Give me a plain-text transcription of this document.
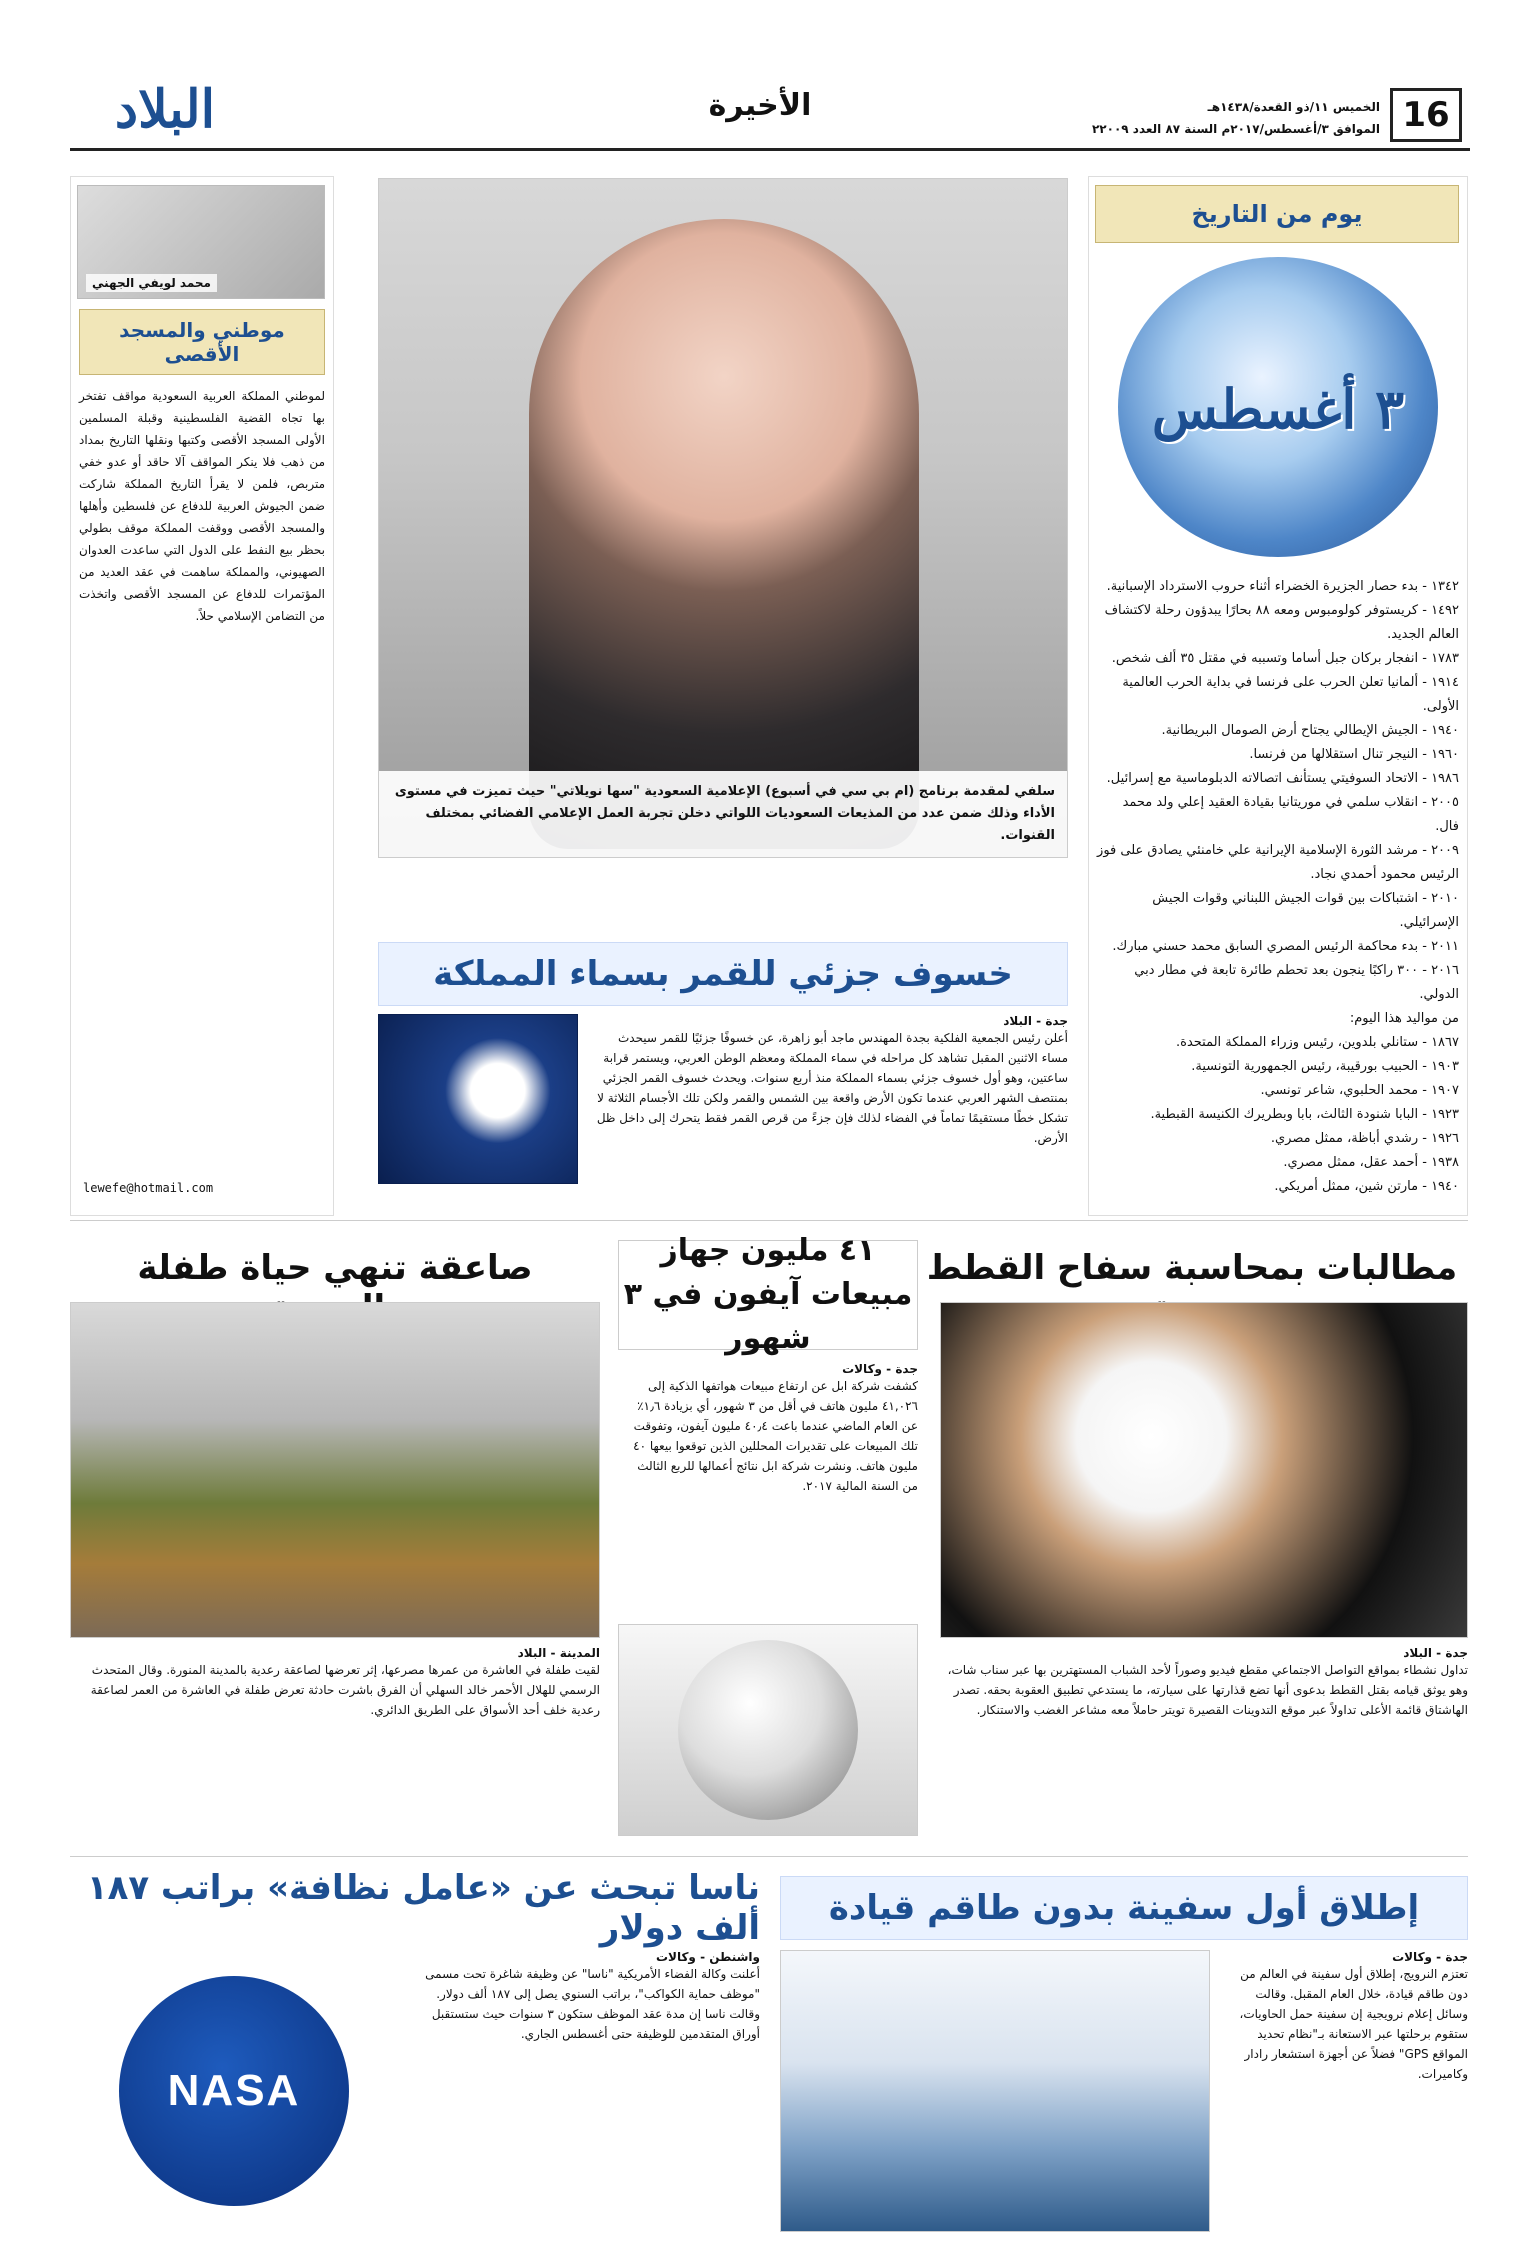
16
الخميس ١١/ذو القعدة/١٤٣٨هـ
الموافق ٣/أغسطس/٢٠١٧م السنة ٨٧ العدد ٢٢٠٠٩
الأخيرة
البلاد
يوم من التاريخ
٣ أغسطس
١٣٤٢ - بدء حصار الجزيرة الخضراء أثناء حروب الاسترداد الإسبانية.
١٤٩٢ - كريستوفر كولومبوس ومعه ٨٨ بحارًا يبدؤون رحلة لاكتشاف العالم الجديد.
١٧٨٣ - انفجار بركان جبل أساما وتسببه في مقتل ٣٥ ألف شخص.
١٩١٤ - ألمانيا تعلن الحرب على فرنسا في بداية الحرب العالمية الأولى.
١٩٤٠ - الجيش الإيطالي يجتاح أرض الصومال البريطانية.
١٩٦٠ - النيجر تنال استقلالها من فرنسا.
١٩٨٦ - الاتحاد السوفيتي يستأنف اتصالاته الدبلوماسية مع إسرائيل.
٢٠٠٥ - انقلاب سلمي في موريتانيا بقيادة العقيد إعلي ولد محمد فال.
٢٠٠٩ - مرشد الثورة الإسلامية الإيرانية علي خامنئي يصادق على فوز الرئيس محمود أحمدي نجاد.
٢٠١٠ - اشتباكات بين قوات الجيش اللبناني وقوات الجيش الإسرائيلي.
٢٠١١ - بدء محاكمة الرئيس المصري السابق محمد حسني مبارك.
٢٠١٦ - ٣٠٠ راكبًا ينجون بعد تحطم طائرة تابعة في مطار دبي الدولي.
من مواليد هذا اليوم:
١٨٦٧ - ستانلي بلدوين، رئيس وزراء المملكة المتحدة.
١٩٠٣ - الحبيب بورقيبة، رئيس الجمهورية التونسية.
١٩٠٧ - محمد الحلبوي، شاعر تونسي.
١٩٢٣ - البابا شنودة الثالث، بابا وبطريرك الكنيسة القبطية.
١٩٢٦ - رشدي أباظة، ممثل مصري.
١٩٣٨ - أحمد عقل، ممثل مصري.
١٩٤٠ - مارتن شين، ممثل أمريكي.
محمد لويفي الجهني
موطني والمسجد الأقصى
لموطني المملكة العربية السعودية مواقف تفتخر بها تجاه القضية الفلسطينية وقبلة المسلمين الأولى المسجد الأقصى وكتبها ونقلها التاريخ بمداد من ذهب فلا ينكر المواقف آلا حاقد أو عدو خفي متربص، فلمن لا يقرأ التاريخ المملكة شاركت ضمن الجيوش العربية للدفاع عن فلسطين وأهلها والمسجد الأقصى ووقفت المملكة موقف بطولي بحظر بيع النفط على الدول التي ساعدت العدوان الصهيوني، والمملكة ساهمت في عقد العديد من المؤتمرات للدفاع عن المسجد الأقصى واتخذت من التضامن الإسلامي حلاً.
lewefe@hotmail.com
سلفي لمقدمة برنامج (ام بي سي في أسبوع) الإعلامية السعودية "سها نويلاتي" حيث تميزت في مستوى الأداء وذلك ضمن عدد من المذيعات السعوديات اللواتي دخلن تجربة العمل الإعلامي الفضائي بمختلف القنوات.
خسوف جزئي للقمر بسماء المملكة
جدة - البلاد
أعلن رئيس الجمعية الفلكية بجدة المهندس ماجد أبو زاهرة، عن خسوفًا جزئيًا للقمر سيحدث مساء الاثنين المقبل تشاهد كل مراحله في سماء المملكة ومعظم الوطن العربي، ويستمر قرابة ساعتين، وهو أول خسوف جزئي بسماء المملكة منذ أربع سنوات. ويحدث خسوف القمر الجزئي بمنتصف الشهر العربي عندما تكون الأرض واقعة بين الشمس والقمر ولكن تلك الأجسام الثلاثة لا تشكل خطًا مستقيمًا تماماً في الفضاء لذلك فإن جزءً من قرص القمر فقط يتحرك إلى داخل ظل الأرض.
مطالبات بمحاسبة سفاح القطط
جدة - البلاد
تداول نشطاء بمواقع التواصل الاجتماعي مقطع فيديو وصوراً لأحد الشباب المستهترين بها عبر سناب شات، وهو يوثق قيامه بقتل القطط بدعوى أنها تضع قذارتها على سيارته، ما يستدعي تطبيق العقوبة بحقه. تصدر الهاشتاق قائمة الأعلى تداولاً عبر موقع التدوينات القصيرة تويتر حاملاً معه مشاعر الغضب والاستنكار.
٤١ مليون جهاز مبيعات آيفون في ٣ شهور
جدة - وكالات
كشفت شركة ابل عن ارتفاع مبيعات هواتفها الذكية إلى ٤١,٠٢٦ مليون هاتف في أقل من ٣ شهور، أي بزيادة ١٫٦٪ عن العام الماضي عندما باعت ٤٠٫٤ مليون آيفون، وتفوقت تلك المبيعات على تقديرات المحللين الذين توقعوا بيعها ٤٠ مليون هاتف. ونشرت شركة ابل نتائج أعمالها للربع الثالث من السنة المالية ٢٠١٧.
صاعقة تنهي حياة طفلة
المدينة - البلاد
لقيت طفلة في العاشرة من عمرها مصرعها، إثر تعرضها لصاعقة رعدية بالمدينة المنورة. وقال المتحدث الرسمي للهلال الأحمر خالد السهلي أن الفرق باشرت حادثة تعرض طفلة في العاشرة من العمر لصاعقة رعدية خلف أحد الأسواق على الطريق الدائري.
إطلاق أول سفينة بدون طاقم قيادة
جدة - وكالات
تعتزم النرويج، إطلاق أول سفينة في العالم من دون طاقم قيادة، خلال العام المقبل. وقالت وسائل إعلام نرويجية إن سفينة حمل الحاويات، ستقوم برحلتها عبر الاستعانة بـ"نظام تحديد المواقع GPS" فضلاً عن أجهزة استشعار رادار وكاميرات.
ناسا تبحث عن «عامل نظافة» براتب ١٨٧ ألف دولار
واشنطن - وكالات
أعلنت وكالة الفضاء الأمريكية "ناسا" عن وظيفة شاغرة تحت مسمى "موظف حماية الكواكب"، براتب السنوي يصل إلى ١٨٧ ألف دولار. وقالت ناسا إن مدة عقد الموظف ستكون ٣ سنوات حيث ستستقبل أوراق المتقدمين للوظيفة حتى أغسطس الجاري.
NASA
